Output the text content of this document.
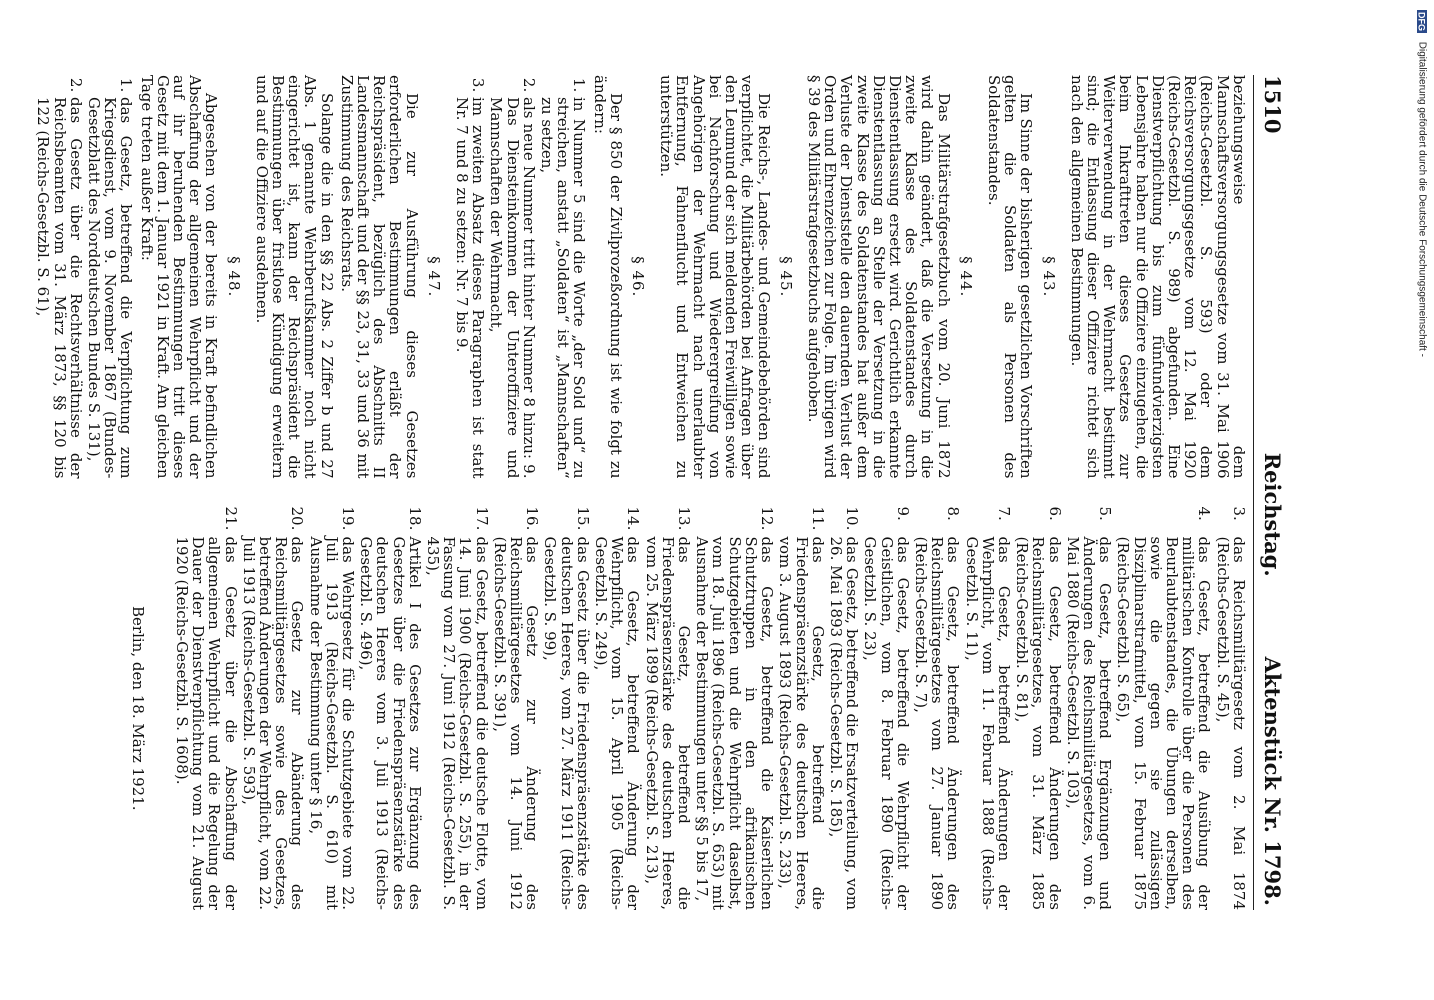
1510
Reichstag.
Aktenstück Nr. 1798.

beziehungsweise dem Mannschaftsversorgungsgesetze vom 31. Mai 1906 (Reichs-Gesetzbl. S. 593) oder dem Reichsversorgungsgesetze vom 12. Mai 1920 (Reichs-Gesetzbl. S. 989) abgefunden. Eine Dienstverpflichtung bis zum fünfundvierzigsten Lebensjahre haben nur die Offiziere einzugehen, die beim Inkrafttreten dieses Gesetzes zur Weiterverwendung in der Wehrmacht bestimmt sind; die Entlassung dieser Offiziere richtet sich nach den allgemeinen Bestimmungen.

§ 43.

Im Sinne der bisherigen gesetzlichen Vorschriften gelten die Soldaten als Personen des Soldatenstandes.

§ 44.

Das Militärstrafgesetzbuch vom 20. Juni 1872 wird dahin geändert, daß die Versetzung in die zweite Klasse des Soldatenstandes durch Dienstentlassung ersetzt wird. Gerichtlich erkannte Dienstentlassung an Stelle der Versetzung in die zweite Klasse des Soldatenstandes hat außer dem Verluste der Dienststelle den dauernden Verlust der Orden und Ehrenzeichen zur Folge. Im übrigen wird § 39 des Militärstrafgesetzbuchs aufgehoben.

§ 45.

Die Reichs-, Landes- und Gemeindebehörden sind verpflichtet, die Militärbehörden bei Anfragen über den Leumund der sich meldenden Freiwilligen sowie bei Nachforschung und Wiederergreifung von Angehörigen der Wehrmacht nach unerlaubter Entfernung, Fahnenflucht und Entweichen zu unterstützen.

§ 46.

Der § 850 der Zivilprozeßordnung ist wie folgt zu ändern:

1. in Nummer 5 sind die Worte „der Sold und“ zu streichen, anstatt „Soldaten“ ist „Mannschaften“ zu setzen,
2. als neue Nummer tritt hinter Nummer 8 hinzu: 9. Das Diensteinkommen der Unteroffiziere und Mannschaften der Wehrmacht,
3. im zweiten Absatz dieses Paragraphen ist statt Nr. 7 und 8 zu setzen: Nr. 7 bis 9.
§ 47.

Die zur Ausführung dieses Gesetzes erforderlichen Bestimmungen erläßt der Reichspräsident, bezüglich des Abschnitts II Landesmannschaft und der §§ 23, 31, 33 und 36 mit Zustimmung des Reichsrats.

Solange die in den §§ 22 Abs. 2 Ziffer b und 27 Abs. 1 genannte Wehrberufskammer noch nicht eingerichtet ist, kann der Reichspräsident die Bestimmungen über fristlose Kündigung erweitern und auf die Offiziere ausdehnen.

§ 48.

Abgesehen von der bereits in Kraft befindlichen Abschaffung der allgemeinen Wehrpflicht und der auf ihr beruhenden Bestimmungen tritt dieses Gesetz mit dem 1. Januar 1921 in Kraft. Am gleichen Tage treten außer Kraft:

1. das Gesetz, betreffend die Verpflichtung zum Kriegsdienst, vom 9. November 1867 (Bundes-Gesetzblatt des Norddeutschen Bundes S. 131),
2. das Gesetz über die Rechtsverhältnisse der Reichsbeamten vom 31. März 1873, §§ 120 bis 122 (Reichs-Gesetzbl. S. 61),
3.
das Reichsmilitärgesetz vom 2. Mai 1874 (Reichs-Gesetzbl. S. 45),
4.
das Gesetz, betreffend die Ausübung der militärischen Kontrolle über die Personen des Beurlaubtenstandes, die Übungen derselben, sowie die gegen sie zulässigen Disziplinarstrafmittel, vom 15. Februar 1875 (Reichs-Gesetzbl. S. 65),
5.
das Gesetz, betreffend Ergänzungen und Änderungen des Reichsmilitärgesetzes, vom 6. Mai 1880 (Reichs-Gesetzbl. S. 103),
6.
das Gesetz, betreffend Änderungen des Reichsmilitärgesetzes, vom 31. März 1885 (Reichs-Gesetzbl. S. 81),
7.
das Gesetz, betreffend Änderungen der Wehrpflicht, vom 11. Februar 1888 (Reichs-Gesetzbl. S. 11),
8.
das Gesetz, betreffend Änderungen des Reichsmilitärgesetzes vom 27. Januar 1890 (Reichs-Gesetzbl. S. 7),
9.
das Gesetz, betreffend die Wehrpflicht der Geistlichen, vom 8. Februar 1890 (Reichs-Gesetzbl. S. 23),
10.
das Gesetz, betreffend die Ersatzverteilung, vom 26. Mai 1893 (Reichs-Gesetzbl. S. 185),
11.
das Gesetz, betreffend die Friedenspräsenzstärke des deutschen Heeres, vom 3. August 1893 (Reichs-Gesetzbl. S. 233),
12.
das Gesetz, betreffend die Kaiserlichen Schutztruppen in den afrikanischen Schutzgebieten und die Wehrpflicht daselbst, vom 18. Juli 1896 (Reichs-Gesetzbl. S. 653) mit Ausnahme der Bestimmungen unter §§ 5 bis 17,
13.
das Gesetz, betreffend die Friedenspräsenzstärke des deutschen Heeres, vom 25. März 1899 (Reichs-Gesetzbl. S. 213),
14.
das Gesetz, betreffend Änderung der Wehrpflicht, vom 15. April 1905 (Reichs-Gesetzbl. S. 249),
15.
das Gesetz über die Friedenspräsenzstärke des deutschen Heeres, vom 27. März 1911 (Reichs-Gesetzbl. S. 99),
16.
das Gesetz zur Änderung des Reichsmilitärgesetzes vom 14. Juni 1912 (Reichs-Gesetzbl. S. 391),
17.
das Gesetz, betreffend die deutsche Flotte, vom 14. Juni 1900 (Reichs-Gesetzbl. S. 255), in der Fassung vom 27. Juni 1912 (Reichs-Gesetzbl. S. 435),
18.
Artikel I des Gesetzes zur Ergänzung des Gesetzes über die Friedenspräsenzstärke des deutschen Heeres vom 3. Juli 1913 (Reichs-Gesetzbl. S. 496),
19.
das Wehrgesetz für die Schutzgebiete vom 22. Juli 1913 (Reichs-Gesetzbl. S. 610) mit Ausnahme der Bestimmung unter § 16,
20.
das Gesetz zur Abänderung des Reichsmilitärgesetzes sowie des Gesetzes, betreffend Änderungen der Wehrpflicht, vom 22. Juli 1913 (Reichs-Gesetzbl. S. 593),
21.
das Gesetz über die Abschaffung der allgemeinen Wehrpflicht und die Regelung der Dauer der Dienstverpflichtung vom 21. August 1920 (Reichs-Gesetzbl. S. 1608).
Berlin, den 18. März 1921.
DFG Digitalisierung gefördert durch die Deutsche Forschungsgemeinschaft -
